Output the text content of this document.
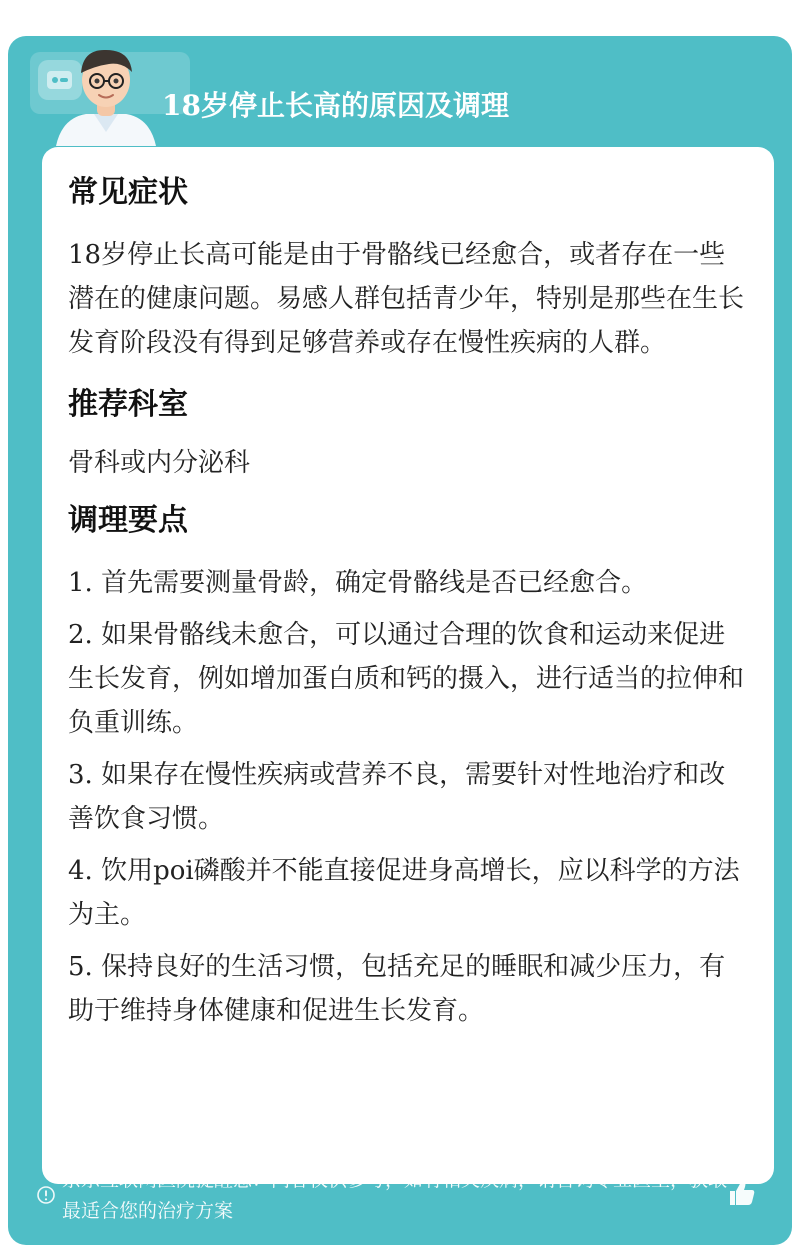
18岁停止长高的原因及调理
常见症状

18岁停止长高可能是由于骨骼线已经愈合，或者存在一些潜在的健康问题。易感人群包括青少年，特别是那些在生长发育阶段没有得到足够营养或存在慢性疾病的人群。

推荐科室

骨科或内分泌科

调理要点

1. 首先需要测量骨龄，确定骨骼线是否已经愈合。

2. 如果骨骼线未愈合，可以通过合理的饮食和运动来促进生长发育，例如增加蛋白质和钙的摄入，进行适当的拉伸和负重训练。

3. 如果存在慢性疾病或营养不良，需要针对性地治疗和改善饮食习惯。

4. 饮用poi磷酸并不能直接促进身高增长，应以科学的方法为主。

5. 保持良好的生活习惯，包括充足的睡眠和减少压力，有助于维持身体健康和促进生长发育。

京东互联网医院提醒您：内容仅供参考，如有相关疾病，请咨询专业医生，获取最适合您的治疗方案
